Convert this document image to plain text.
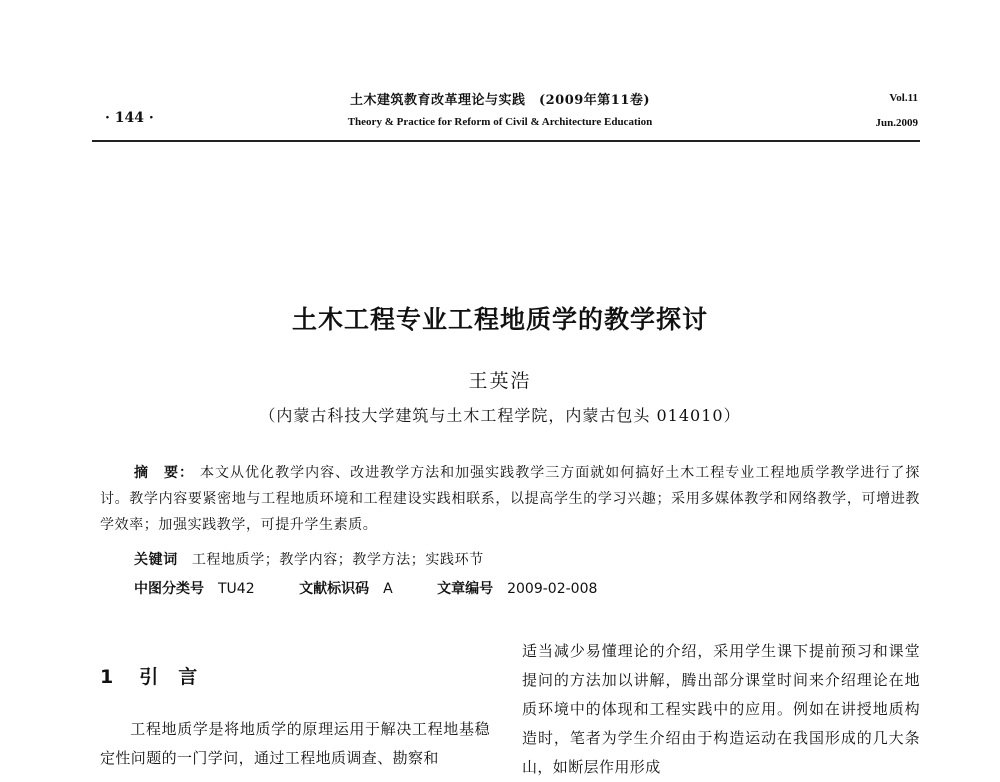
土木建筑教育改革理论与实践　(2009年第11卷)
Theory & Practice for Reform of Civil & Architecture Education
· 144 ·
Vol.11
Jun.2009
土木工程专业工程地质学的教学探讨
王英浩
（内蒙古科技大学建筑与土木工程学院，内蒙古包头 014010）
摘　要： 本文从优化教学内容、改进教学方法和加强实践教学三方面就如何搞好土木工程专业工程地质学教学进行了探讨。教学内容要紧密地与工程地质环境和工程建设实践相联系，以提高学生的学习兴趣；采用多媒体教学和网络教学，可增进教学效率；加强实践教学，可提升学生素质。
关键词 工程地质学；教学内容；教学方法；实践环节
中图分类号 TU42	文献标识码 A	文章编号 2009-02-008
1 引言
工程地质学是将地质学的原理运用于解决工程地基稳定性问题的一门学问，通过工程地质调查、勘察和
适当减少易懂理论的介绍，采用学生课下提前预习和课堂提问的方法加以讲解，腾出部分课堂时间来介绍理论在地质环境中的体现和工程实践中的应用。例如在讲授地质构造时，笔者为学生介绍由于构造运动在我国形成的几大条山，如断层作用形成
